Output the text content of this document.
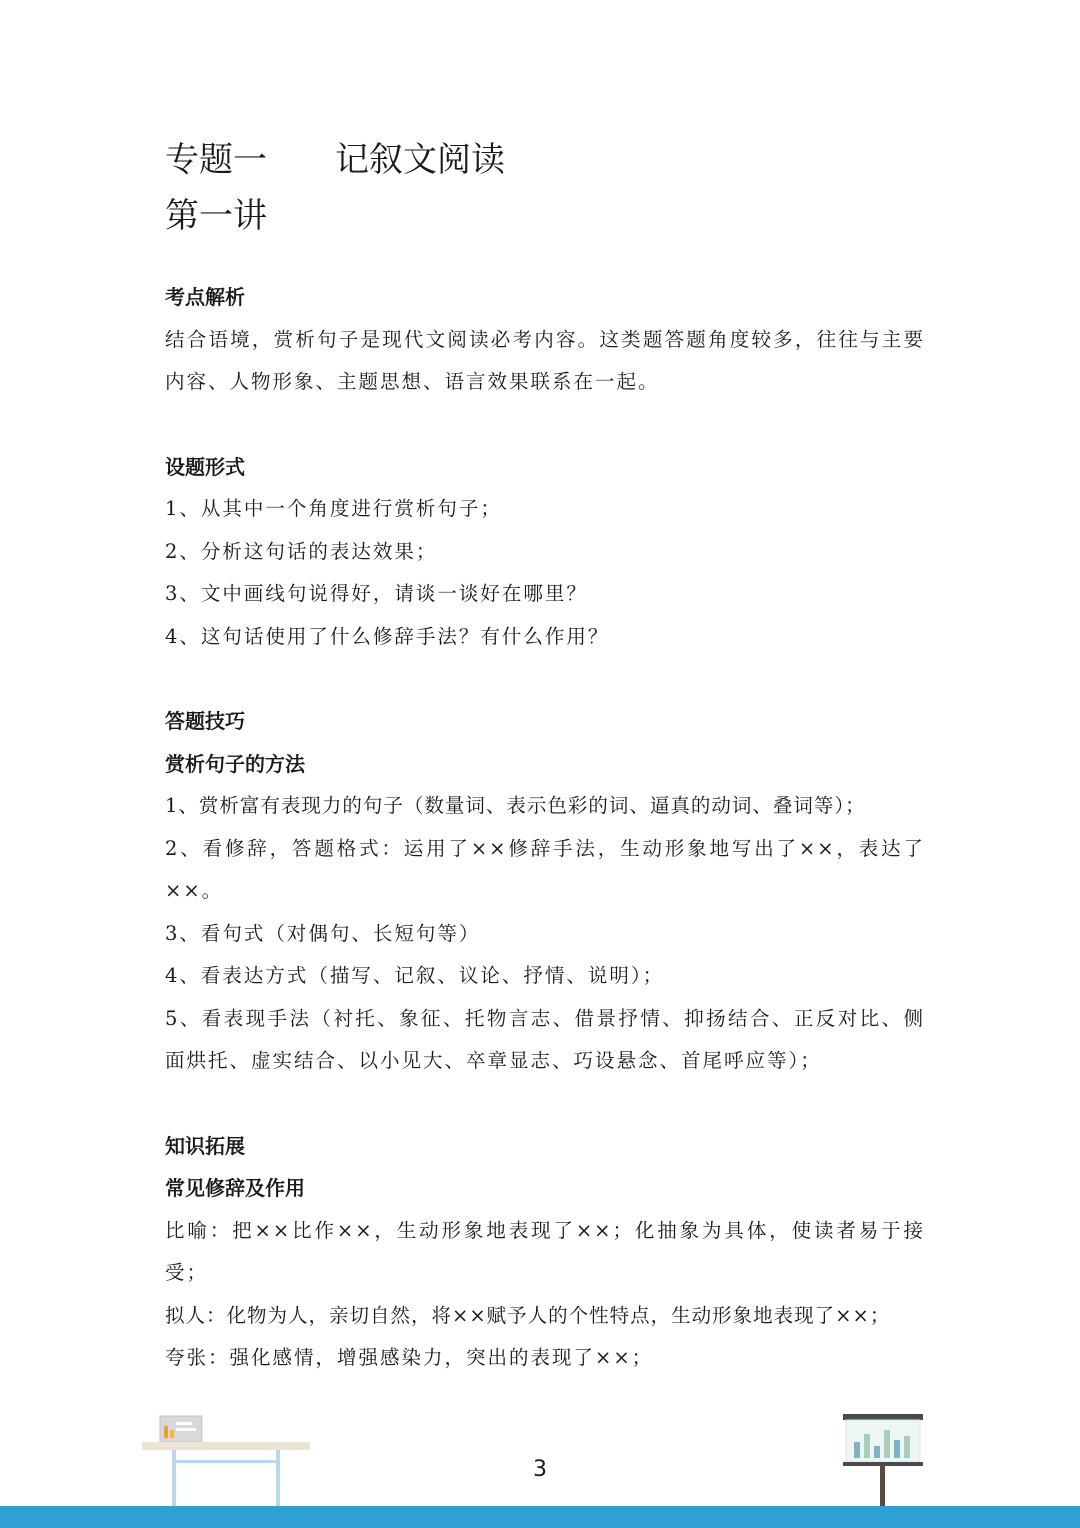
专题一 记叙文阅读
第一讲
考点解析

结合语境，赏析句子是现代文阅读必考内容。这类题答题角度较多，往往与主要内容、人物形象、主题思想、语言效果联系在一起。

设题形式
1、从其中一个角度进行赏析句子；
2、分析这句话的表达效果；
3、文中画线句说得好，请谈一谈好在哪里？
4、这句话使用了什么修辞手法？有什么作用？
答题技巧
赏析句子的方法
1、赏析富有表现力的句子（数量词、表示色彩的词、逼真的动词、叠词等）；
2、看修辞，答题格式：运用了××修辞手法，生动形象地写出了××，表达了××。
3、看句式（对偶句、长短句等）
4、看表达方式（描写、记叙、议论、抒情、说明）；
5、看表现手法（衬托、象征、托物言志、借景抒情、抑扬结合、正反对比、侧面烘托、虚实结合、以小见大、卒章显志、巧设悬念、首尾呼应等）；
知识拓展
常见修辞及作用
比喻：把××比作××，生动形象地表现了××；化抽象为具体，使读者易于接受；
拟人：化物为人，亲切自然，将××赋予人的个性特点，生动形象地表现了××；
夸张：强化感情，增强感染力，突出的表现了××；
3
